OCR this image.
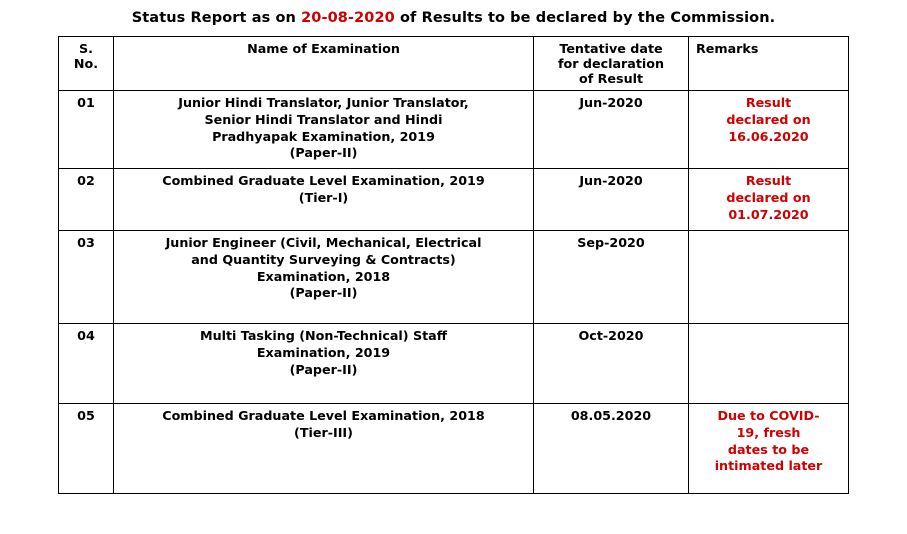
Status Report as on 20-08-2020 of Results to be declared by the Commission.
S.
No.	Name of Examination	Tentative date
for declaration
of Result	Remarks
01	Junior Hindi Translator, Junior Translator,
Senior Hindi Translator and Hindi
Pradhyapak Examination, 2019
(Paper-II)	Jun-2020	Result
declared on
16.06.2020

02	Combined Graduate Level Examination, 2019
(Tier-I)	Jun-2020	Result
declared on
01.07.2020

03	Junior Engineer (Civil, Mechanical, Electrical
and Quantity Surveying & Contracts)
Examination, 2018
(Paper-II)	Sep-2020	
04	Multi Tasking (Non-Technical) Staff
Examination, 2019
(Paper-II)	Oct-2020	
05	Combined Graduate Level Examination, 2018
(Tier-III)	08.05.2020	Due to COVID-
19, fresh
dates to be
intimated later
